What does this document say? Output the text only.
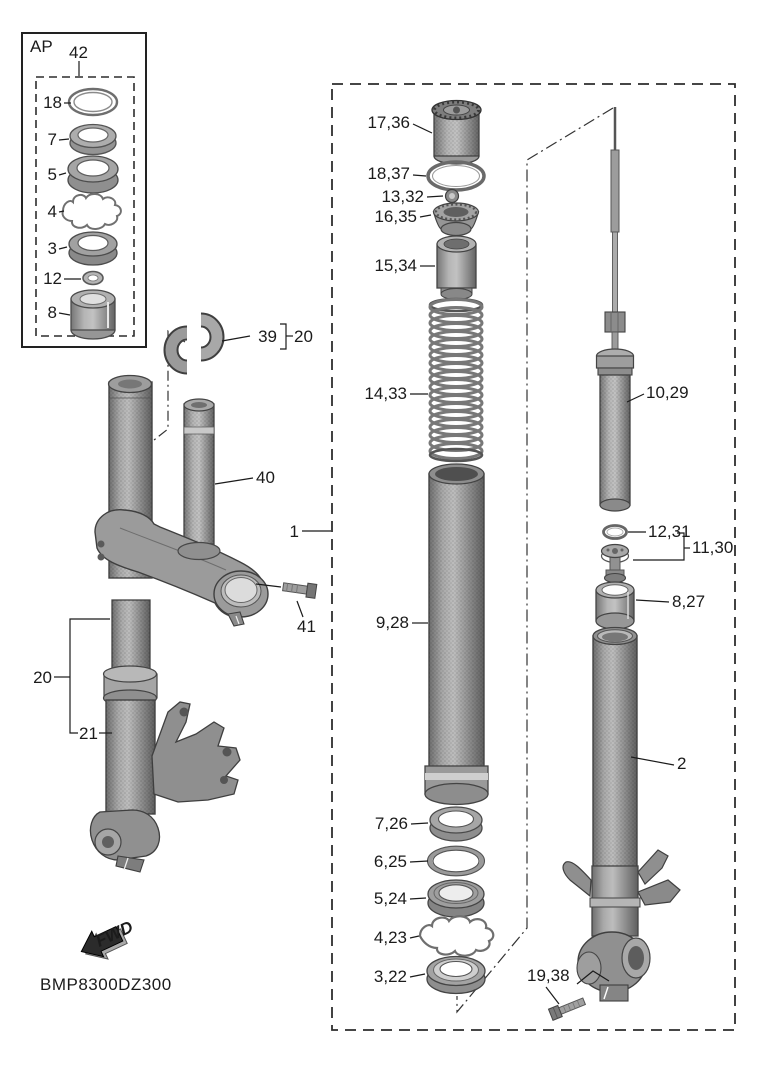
AP 42
18
7
5
4
3
12
8
39 20
41
40
1
20
21
17,36
18,37
13,32
16,35
15,34
14,33
9,28
7,26
6,25
5,24
4,23
3,22
10,29
12,31
11,30
8,27
2
19,38
FWD
BMP8300DZ300
